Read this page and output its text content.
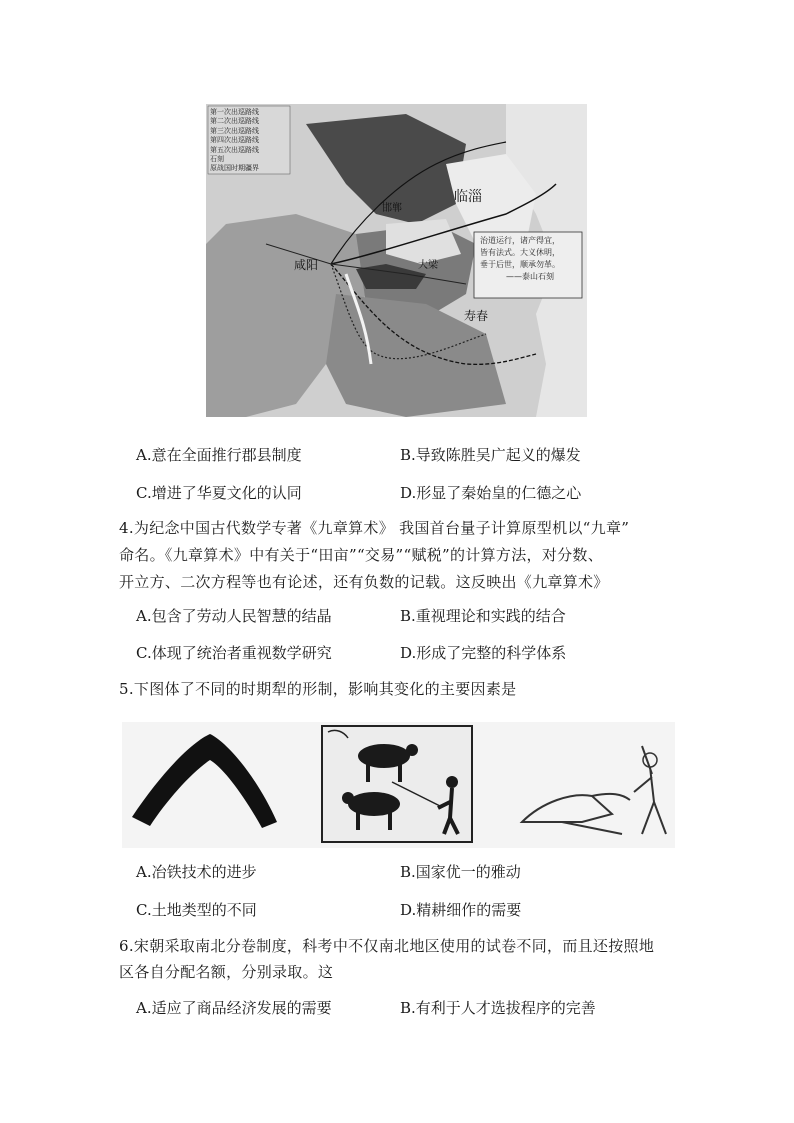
第一次出巡路线
第二次出巡路线
第三次出巡路线
第四次出巡路线
第五次出巡路线
石刻
原战国时期疆界
咸阳
临淄
邯郸
寿春
大梁
治道运行，诸产得宜，
皆有法式。大义休明，
垂于后世，顺承勿革。
——泰山石刻
A.意在全面推行郡县制度	B.导致陈胜吴广起义的爆发
C.增进了华夏文化的认同	D.形显了秦始皇的仁德之心
4.为纪念中国古代数学专著《九章算术》 我国首台量子计算原型机以“九章”
命名。《九章算术》中有关于“田亩”“交易”“赋税”的计算方法，对分数、
开立方、二次方程等也有论述，还有负数的记载。这反映出《九章算术》
A.包含了劳动人民智慧的结晶	B.重视理论和实践的结合
C.体现了统治者重视数学研究	D.形成了完整的科学体系
5.下图体了不同的时期犁的形制，影响其变化的主要因素是
A.冶铁技术的进步	B.国家优一的雅动
C.土地类型的不同	D.精耕细作的需要
6.宋朝采取南北分卷制度，科考中不仅南北地区使用的试卷不同，而且还按照地
区各自分配名额，分别录取。这
A.适应了商品经济发展的需要	B.有利于人才选拔程序的完善
